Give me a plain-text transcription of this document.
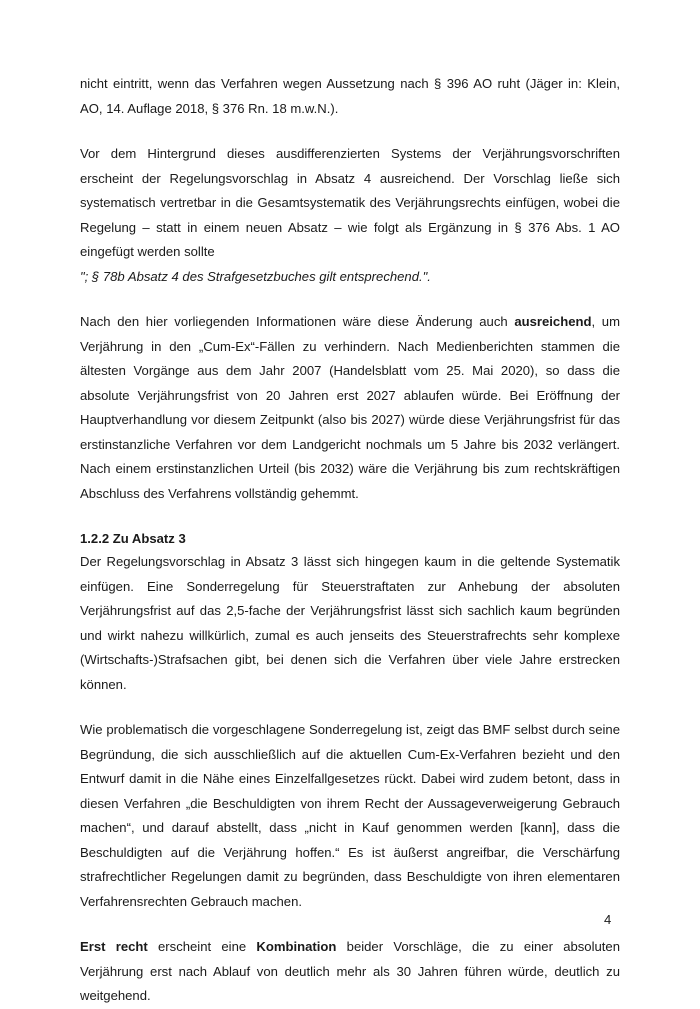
nicht eintritt, wenn das Verfahren wegen Aussetzung nach § 396 AO ruht (Jäger in: Klein, AO, 14. Auflage 2018, § 376 Rn. 18 m.w.N.).

Vor dem Hintergrund dieses ausdifferenzierten Systems der Verjährungsvorschriften erscheint der Regelungsvorschlag in Absatz 4 ausreichend. Der Vorschlag ließe sich systematisch vertretbar in die Gesamtsystematik des Verjährungsrechts einfügen, wobei die Regelung – statt in einem neuen Absatz – wie folgt als Ergänzung in § 376 Abs. 1 AO eingefügt werden sollte
"; § 78b Absatz 4 des Strafgesetzbuches gilt entsprechend.".

Nach den hier vorliegenden Informationen wäre diese Änderung auch ausreichend, um Verjährung in den „Cum-Ex“-Fällen zu verhindern. Nach Medienberichten stammen die ältesten Vorgänge aus dem Jahr 2007 (Handelsblatt vom 25. Mai 2020), so dass die absolute Verjährungsfrist von 20 Jahren erst 2027 ablaufen würde. Bei Eröffnung der Hauptverhandlung vor diesem Zeitpunkt (also bis 2027) würde diese Verjährungsfrist für das erstinstanzliche Verfahren vor dem Landgericht nochmals um 5 Jahre bis 2032 verlängert. Nach einem erstinstanzlichen Urteil (bis 2032) wäre die Verjährung bis zum rechtskräftigen Abschluss des Verfahrens vollständig gehemmt.

1.2.2 Zu Absatz 3

Der Regelungsvorschlag in Absatz 3 lässt sich hingegen kaum in die geltende Systematik einfügen. Eine Sonderregelung für Steuerstraftaten zur Anhebung der absoluten Verjährungsfrist auf das 2,5-fache der Verjährungsfrist lässt sich sachlich kaum begründen und wirkt nahezu willkürlich, zumal es auch jenseits des Steuerstrafrechts sehr komplexe (Wirtschafts-)Strafsachen gibt, bei denen sich die Verfahren über viele Jahre erstrecken können.

Wie problematisch die vorgeschlagene Sonderregelung ist, zeigt das BMF selbst durch seine Begründung, die sich ausschließlich auf die aktuellen Cum-Ex-Verfahren bezieht und den Entwurf damit in die Nähe eines Einzelfallgesetzes rückt. Dabei wird zudem betont, dass in diesen Verfahren „die Beschuldigten von ihrem Recht der Aussageverweigerung Gebrauch machen“, und darauf abstellt, dass „nicht in Kauf genommen werden [kann], dass die Beschuldigten auf die Verjährung hoffen.“ Es ist äußerst angreifbar, die Verschärfung strafrechtlicher Regelungen damit zu begründen, dass Beschuldigte von ihren elementaren Verfahrensrechten Gebrauch machen.

Erst recht erscheint eine Kombination beider Vorschläge, die zu einer absoluten Verjährung erst nach Ablauf von deutlich mehr als 30 Jahren führen würde, deutlich zu weitgehend.

4
